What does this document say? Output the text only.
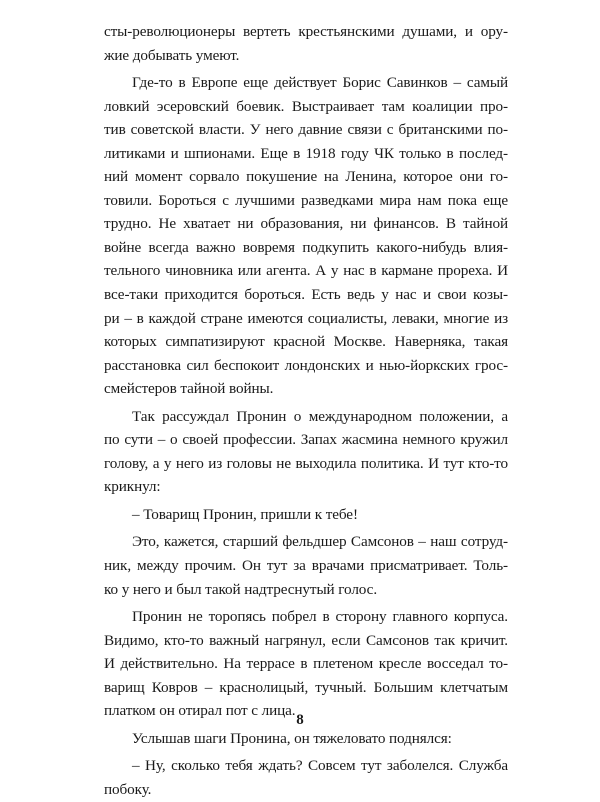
сты-революционеры вертеть крестьянскими душами, и ору-
жие добывать умеют.
Где-то в Европе еще действует Борис Савинков – самый
ловкий эсеровский боевик. Выстраивает там коалиции про-
тив советской власти. У него давние связи с британскими по-
литиками и шпионами. Еще в 1918 году ЧК только в послед-
ний момент сорвало покушение на Ленина, которое они го-
товили. Бороться с лучшими разведками мира нам пока еще
трудно. Не хватает ни образования, ни финансов. В тайной
войне всегда важно вовремя подкупить какого-нибудь влия-
тельного чиновника или агента. А у нас в кармане прореха. И
все-таки приходится бороться. Есть ведь у нас и свои козы-
ри – в каждой стране имеются социалисты, леваки, многие из
которых симпатизируют красной Москве. Наверняка, такая
расстановка сил беспокоит лондонских и нью-йоркских грос-
смейстеров тайной войны.
Так рассуждал Пронин о международном положении, а
по сути – о своей профессии. Запах жасмина немного кружил
голову, а у него из головы не выходила политика. И тут кто-то
крикнул:
– Товарищ Пронин, пришли к тебе!
Это, кажется, старший фельдшер Самсонов – наш сотруд-
ник, между прочим. Он тут за врачами присматривает. Толь-
ко у него и был такой надтреснутый голос.
Пронин не торопясь побрел в сторону главного корпуса.
Видимо, кто-то важный нагрянул, если Самсонов так кричит.
И действительно. На террасе в плетеном кресле восседал то-
варищ Ковров – краснолицый, тучный. Большим клетчатым
платком он отирал пот с лица.
Услышав шаги Пронина, он тяжеловато поднялся:
– Ну, сколько тебя ждать? Совсем тут заболелся. Служба
побоку.
8
